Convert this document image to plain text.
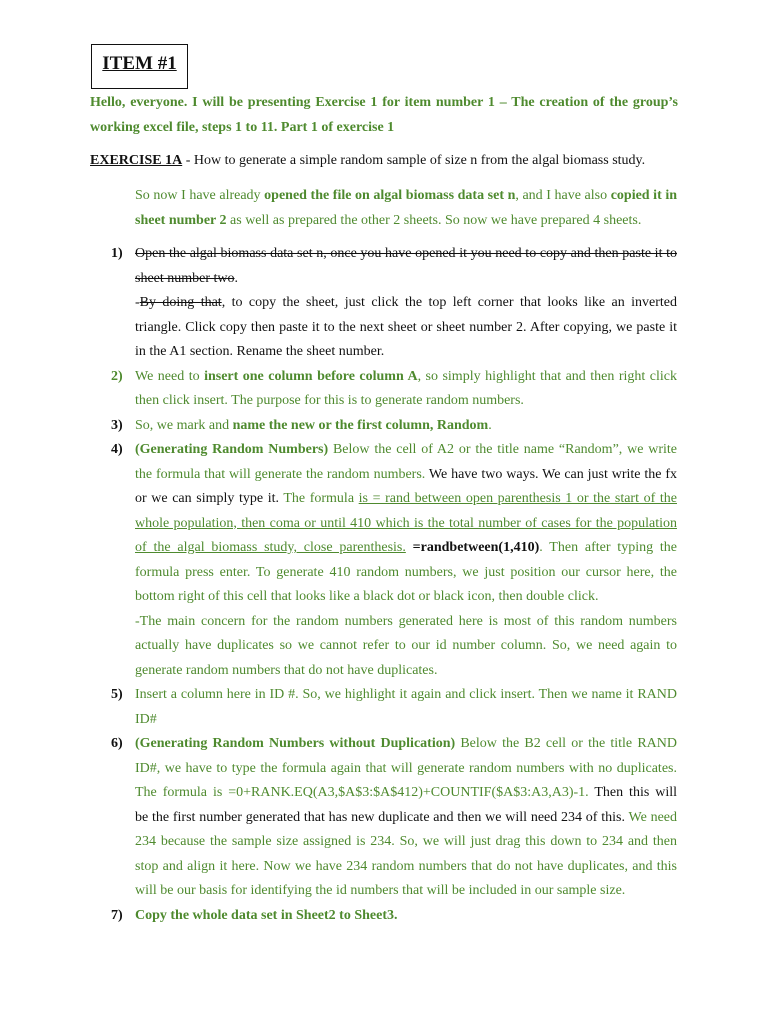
ITEM #1
Hello, everyone. I will be presenting Exercise 1 for item number 1 – The creation of the group’s working excel file, steps 1 to 11. Part 1 of exercise 1
EXERCISE 1A - How to generate a simple random sample of size n from the algal biomass study.
So now I have already opened the file on algal biomass data set n, and I have also copied it in sheet number 2 as well as prepared the other 2 sheets. So now we have prepared 4 sheets.
1) Open the algal biomass data set n, once you have opened it you need to copy and then paste it to sheet number two.
-By doing that, to copy the sheet, just click the top left corner that looks like an inverted triangle. Click copy then paste it to the next sheet or sheet number 2. After copying, we paste it in the A1 section. Rename the sheet number.
2) We need to insert one column before column A, so simply highlight that and then right click then click insert. The purpose for this is to generate random numbers.
3) So, we mark and name the new or the first column, Random.
4) (Generating Random Numbers) Below the cell of A2 or the title name “Random”, we write the formula that will generate the random numbers. We have two ways. We can just write the fx or we can simply type it. The formula is = rand between open parenthesis 1 or the start of the whole population, then coma or until 410 which is the total number of cases for the population of the algal biomass study, close parenthesis. =randbetween(1,410). Then after typing the formula press enter. To generate 410 random numbers, we just position our cursor here, the bottom right of this cell that looks like a black dot or black icon, then double click.
-The main concern for the random numbers generated here is most of this random numbers actually have duplicates so we cannot refer to our id number column. So, we need again to generate random numbers that do not have duplicates.
5) Insert a column here in ID #. So, we highlight it again and click insert. Then we name it RAND ID#
6) (Generating Random Numbers without Duplication) Below the B2 cell or the title RAND ID#, we have to type the formula again that will generate random numbers with no duplicates. The formula is =0+RANK.EQ(A3,$A$3:$A$412)+COUNTIF($A$3:A3,A3)-1. Then this will be the first number generated that has new duplicate and then we will need 234 of this. We need 234 because the sample size assigned is 234. So, we will just drag this down to 234 and then stop and align it here. Now we have 234 random numbers that do not have duplicates, and this will be our basis for identifying the id numbers that will be included in our sample size.
7) Copy the whole data set in Sheet2 to Sheet3.
